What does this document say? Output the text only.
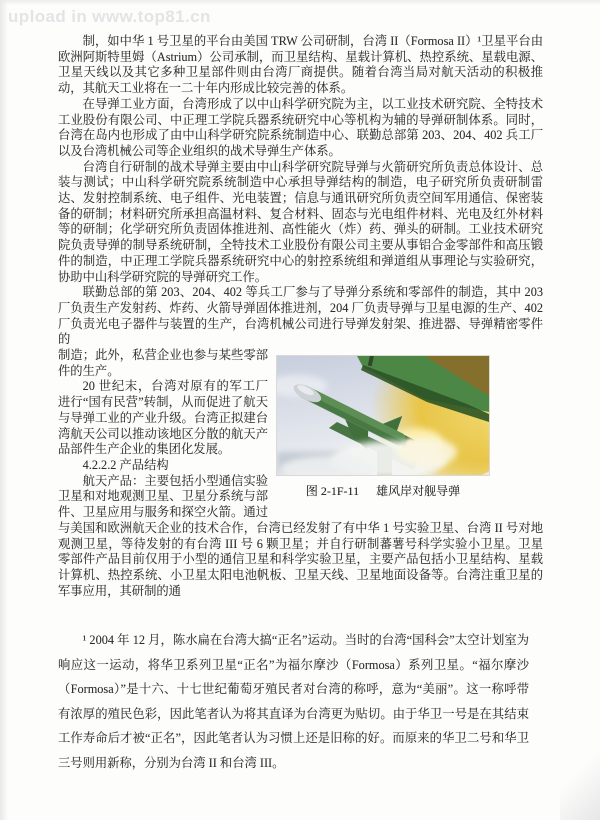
upload in www.top81.cn

制，如中华 1 号卫星的平台由美国 TRW 公司研制，台湾 II（Formosa II）¹卫星平台由欧洲阿斯特里姆（Astrium）公司承制，而卫星结构、星载计算机、热控系统、星载电源、卫星天线以及其它多种卫星部件则由台湾厂商提供。随着台湾当局对航天活动的积极推动，其航天工业将在一二十年内形成比较完善的体系。

在导弹工业方面，台湾形成了以中山科学研究院为主，以工业技术研究院、全特技术工业股份有限公司、中正理工学院兵器系统研究中心等机构为辅的导弹研制体系。同时，台湾在岛内也形成了由中山科学研究院系统制造中心、联勤总部第 203、204、402 兵工厂以及台湾机械公司等企业组织的战术导弹生产体系。

台湾自行研制的战术导弹主要由中山科学研究院导弹与火箭研究所负责总体设计、总装与测试；中山科学研究院系统制造中心承担导弹结构的制造，电子研究所负责研制雷达、发射控制系统、电子组件、光电装置；信息与通讯研究所负责空间军用通信、保密装备的研制；材料研究所承担高温材料、复合材料、固态与光电组件材料、光电及红外材料等的研制；化学研究所负责固体推进剂、高性能火（炸）药、弹头的研制。工业技术研究院负责导弹的制导系统研制，全特技术工业股份有限公司主要从事铝合金零部件和高压锻件的制造，中正理工学院兵器系统研究中心的射控系统组和弹道组从事理论与实验研究，协助中山科学研究院的导弹研究工作。

联勤总部的第 203、204、402 等兵工厂参与了导弹分系统和零部件的制造，其中 203 厂负责生产发射药、炸药、火箭导弹固体推进剂，204 厂负责导弹与卫星电源的生产、402 厂负责光电子器件与装置的生产，台湾机械公司进行导弹发射架、推进器、导弹精密零件的

图 2-1F-11 雄风岸对舰导弹

制造；此外，私营企业也参与某些零部件的生产。

20 世纪末，台湾对原有的军工厂进行“国有民营”转制，从而促进了航天与导弹工业的产业升级。台湾正拟建台湾航天公司以推动该地区分散的航天产品部件生产企业的集团化发展。

4.2.2.2 产品结构

航天产品：主要包括小型通信实验卫星和对地观测卫星、卫星分系统与部件、卫星应用与服务和探空火箭。通过与美国和欧洲航天企业的技术合作，台湾已经发射了有中华 1 号实验卫星、台湾 II 号对地观测卫星，等待发射的有台湾 III 号 6 颗卫星；并自行研制蕃薯号科学实验小卫星。卫星零部件产品目前仅用于小型的通信卫星和科学实验卫星，主要产品包括小卫星结构、星载计算机、热控系统、小卫星太阳电池帆板、卫星天线、卫星地面设备等。台湾注重卫星的军事应用，其研制的通

¹ 2004 年 12 月，陈水扁在台湾大搞“正名”运动。当时的台湾“国科会”太空计划室为响应这一运动，将华卫系列卫星“正名”为福尔摩沙（Formosa）系列卫星。“福尔摩沙（Formosa）”是十六、十七世纪葡萄牙殖民者对台湾的称呼，意为“美丽”。这一称呼带有浓厚的殖民色彩，因此笔者认为将其直译为台湾更为贴切。由于华卫一号是在其结束工作寿命后才被“正名”，因此笔者认为习惯上还是旧称的好。而原来的华卫二号和华卫三号则用新称，分别为台湾 II 和台湾 III。
